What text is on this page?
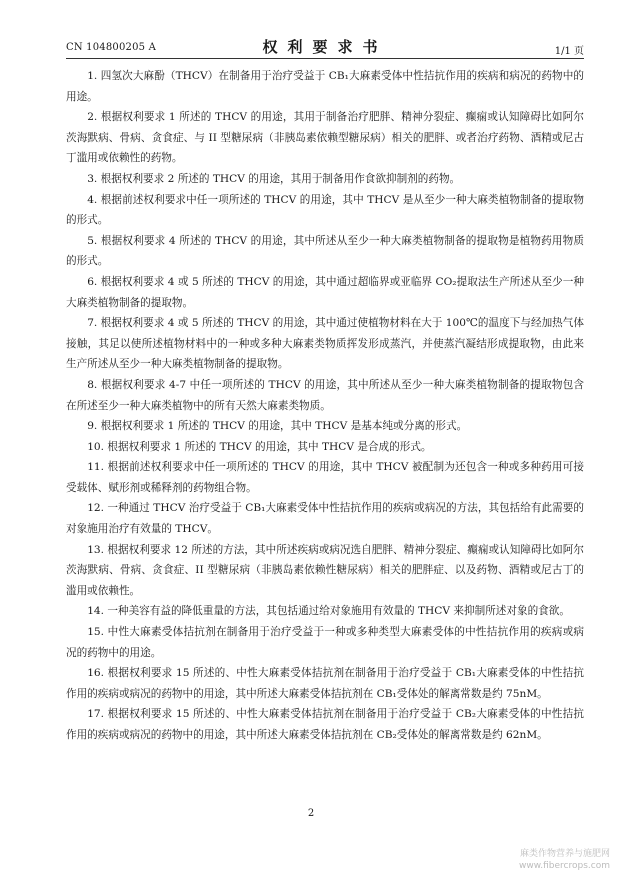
CN 104800205 A	权利要求书	1/1 页

1. 四氢次大麻酚（THCV）在制备用于治疗受益于 CB₁大麻素受体中性拮抗作用的疾病和病况的药物中的用途。

2. 根据权利要求 1 所述的 THCV 的用途，其用于制备治疗肥胖、精神分裂症、癫痫或认知障碍比如阿尔茨海默病、骨病、贪食症、与 II 型糖尿病（非胰岛素依赖型糖尿病）相关的肥胖、或者治疗药物、酒精或尼古丁滥用或依赖性的药物。

3. 根据权利要求 2 所述的 THCV 的用途，其用于制备用作食欲抑制剂的药物。

4. 根据前述权利要求中任一项所述的 THCV 的用途，其中 THCV 是从至少一种大麻类植物制备的提取物的形式。

5. 根据权利要求 4 所述的 THCV 的用途，其中所述从至少一种大麻类植物制备的提取物是植物药用物质的形式。

6. 根据权利要求 4 或 5 所述的 THCV 的用途，其中通过超临界或亚临界 CO₂提取法生产所述从至少一种大麻类植物制备的提取物。

7. 根据权利要求 4 或 5 所述的 THCV 的用途，其中通过使植物材料在大于 100℃的温度下与经加热气体接触，其足以使所述植物材料中的一种或多种大麻素类物质挥发形成蒸汽，并使蒸汽凝结形成提取物，由此来生产所述从至少一种大麻类植物制备的提取物。

8. 根据权利要求 4-7 中任一项所述的 THCV 的用途，其中所述从至少一种大麻类植物制备的提取物包含在所述至少一种大麻类植物中的所有天然大麻素类物质。

9. 根据权利要求 1 所述的 THCV 的用途，其中 THCV 是基本纯或分离的形式。

10. 根据权利要求 1 所述的 THCV 的用途，其中 THCV 是合成的形式。

11. 根据前述权利要求中任一项所述的 THCV 的用途，其中 THCV 被配制为还包含一种或多种药用可接受载体、赋形剂或稀释剂的药物组合物。

12. 一种通过 THCV 治疗受益于 CB₁大麻素受体中性拮抗作用的疾病或病况的方法，其包括给有此需要的对象施用治疗有效量的 THCV。

13. 根据权利要求 12 所述的方法，其中所述疾病或病况选自肥胖、精神分裂症、癫痫或认知障碍比如阿尔茨海默病、骨病、贪食症、II 型糖尿病（非胰岛素依赖性糖尿病）相关的肥胖症、以及药物、酒精或尼古丁的滥用或依赖性。

14. 一种美容有益的降低重量的方法，其包括通过给对象施用有效量的 THCV 来抑制所述对象的食欲。

15. 中性大麻素受体拮抗剂在制备用于治疗受益于一种或多种类型大麻素受体的中性拮抗作用的疾病或病况的药物中的用途。

16. 根据权利要求 15 所述的、中性大麻素受体拮抗剂在制备用于治疗受益于 CB₁大麻素受体的中性拮抗作用的疾病或病况的药物中的用途，其中所述大麻素受体拮抗剂在 CB₁受体处的解离常数是约 75nM。

17. 根据权利要求 15 所述的、中性大麻素受体拮抗剂在制备用于治疗受益于 CB₂大麻素受体的中性拮抗作用的疾病或病况的药物中的用途，其中所述大麻素受体拮抗剂在 CB₂受体处的解离常数是约 62nM。

2
麻类作物营养与施肥网
www.fibercrops.com
